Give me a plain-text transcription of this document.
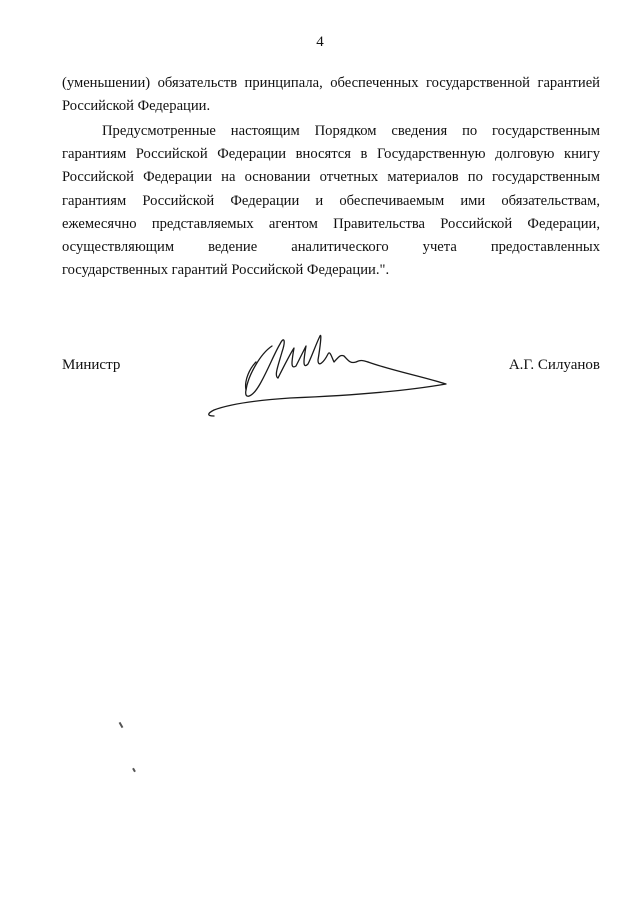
4
(уменьшении) обязательств принципала, обеспеченных государственной гарантией
Российской Федерации.
Предусмотренные настоящим Порядком сведения по государственным
гарантиям Российской Федерации вносятся в Государственную долговую книгу
Российской Федерации на основании отчетных материалов по государственным
гарантиям Российской Федерации и обеспечиваемым ими обязательствам,
ежемесячно представляемых агентом Правительства Российской Федерации,
осуществляющим ведение аналитического учета предоставленных
государственных гарантий Российской Федерации.".
Министр	А.Г. Силуанов
